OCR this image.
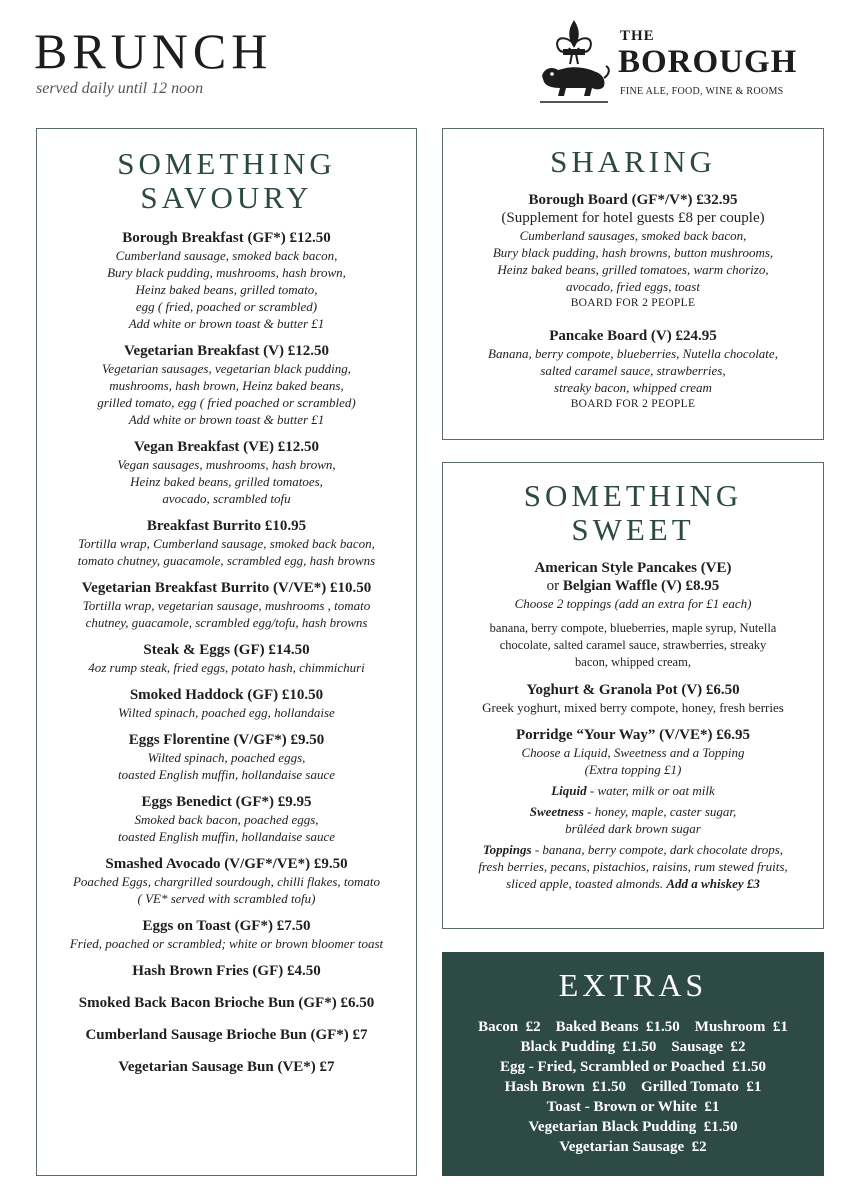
BRUNCH
served daily until 12 noon
THE
BOROUGH
FINE ALE, FOOD, WINE & ROOMS
SOMETHING
SAVOURY
Borough Breakfast (GF*) £12.50
Cumberland sausage, smoked back bacon,
Bury black pudding, mushrooms, hash brown,
Heinz baked beans, grilled tomato,
egg ( fried, poached or scrambled)
Add white or brown toast & butter £1
Vegetarian Breakfast (V) £12.50
Vegetarian sausages, vegetarian black pudding,
mushrooms, hash brown, Heinz baked beans,
grilled tomato, egg ( fried poached or scrambled)
Add white or brown toast & butter £1
Vegan Breakfast (VE) £12.50
Vegan sausages, mushrooms, hash brown,
Heinz baked beans, grilled tomatoes,
avocado, scrambled tofu
Breakfast Burrito £10.95
Tortilla wrap, Cumberland sausage, smoked back bacon,
tomato chutney, guacamole, scrambled egg, hash browns
Vegetarian Breakfast Burrito (V/VE*) £10.50
Tortilla wrap, vegetarian sausage, mushrooms , tomato
chutney, guacamole, scrambled egg/tofu, hash browns
Steak & Eggs (GF) £14.50
4oz rump steak, fried eggs, potato hash, chimmichuri
Smoked Haddock (GF) £10.50
Wilted spinach, poached egg, hollandaise
Eggs Florentine (V/GF*) £9.50
Wilted spinach, poached eggs,
toasted English muffin, hollandaise sauce
Eggs Benedict (GF*) £9.95
Smoked back bacon, poached eggs,
toasted English muffin, hollandaise sauce
Smashed Avocado (V/GF*/VE*) £9.50
Poached Eggs, chargrilled sourdough, chilli flakes, tomato
( VE* served with scrambled tofu)
Eggs on Toast (GF*) £7.50
Fried, poached or scrambled; white or brown bloomer toast
Hash Brown Fries (GF) £4.50
Smoked Back Bacon Brioche Bun (GF*) £6.50
Cumberland Sausage Brioche Bun (GF*) £7
Vegetarian Sausage Bun (VE*) £7
SHARING
Borough Board (GF*/V*) £32.95
(Supplement for hotel guests £8 per couple)
Cumberland sausages, smoked back bacon,
Bury black pudding, hash browns, button mushrooms,
Heinz baked beans, grilled tomatoes, warm chorizo,
avocado, fried eggs, toast
BOARD FOR 2 PEOPLE
Pancake Board (V) £24.95
Banana, berry compote, blueberries, Nutella chocolate,
salted caramel sauce, strawberries,
streaky bacon, whipped cream
BOARD FOR 2 PEOPLE
SOMETHING
SWEET
American Style Pancakes (VE)
or Belgian Waffle (V) £8.95
Choose 2 toppings (add an extra for £1 each)
banana, berry compote, blueberries, maple syrup, Nutella
chocolate, salted caramel sauce, strawberries, streaky
bacon, whipped cream,
Yoghurt & Granola Pot (V) £6.50
Greek yoghurt, mixed berry compote, honey, fresh berries
Porridge “Your Way” (V/VE*) £6.95
Choose a Liquid, Sweetness and a Topping
(Extra topping £1)
Liquid - water, milk or oat milk
Sweetness - honey, maple, caster sugar,
brûléed dark brown sugar
Toppings - banana, berry compote, dark chocolate drops,
fresh berries, pecans, pistachios, raisins, rum stewed fruits,
sliced apple, toasted almonds. Add a whiskey £3
EXTRAS
Bacon  £2    Baked Beans  £1.50    Mushroom  £1
Black Pudding  £1.50    Sausage  £2
Egg - Fried, Scrambled or Poached  £1.50
Hash Brown  £1.50    Grilled Tomato  £1
Toast - Brown or White  £1
Vegetarian Black Pudding  £1.50
Vegetarian Sausage  £2
